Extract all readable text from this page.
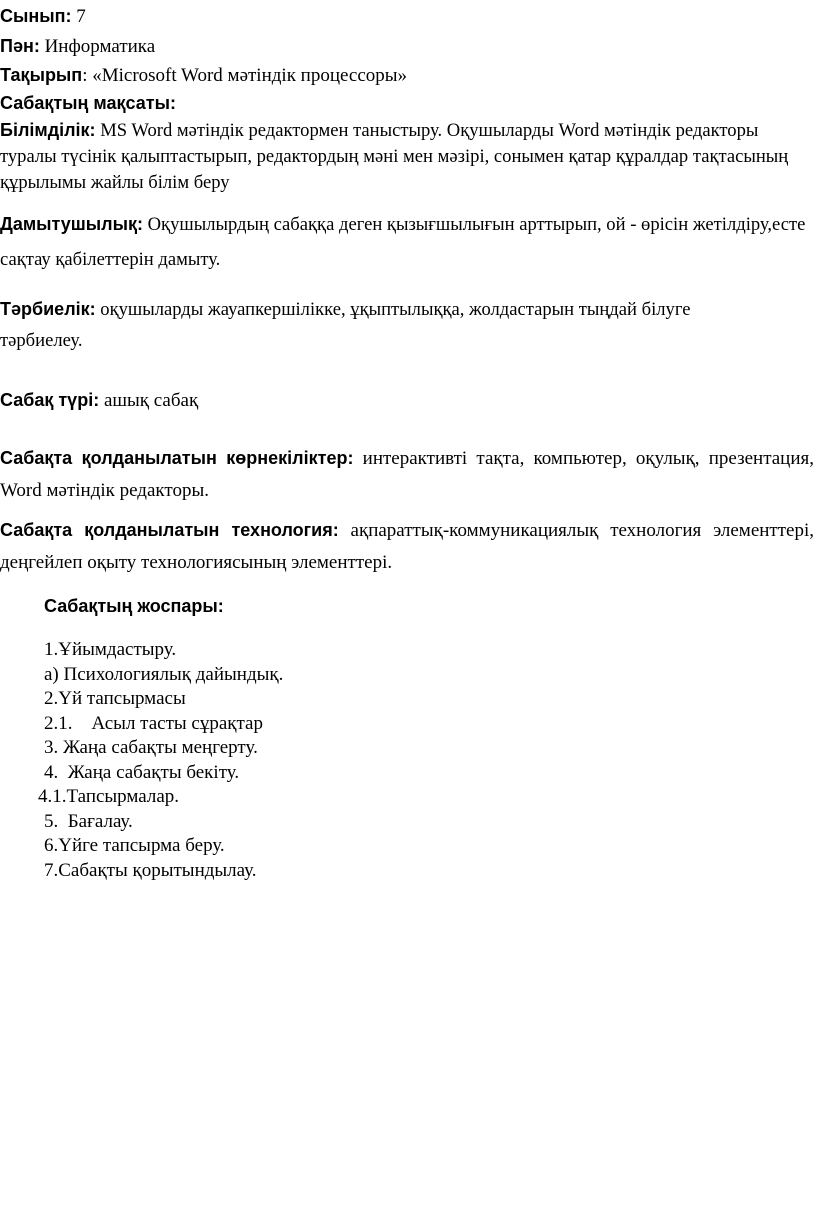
Сынып: 7
Пән: Информатика
Тақырып: «Microsoft Word мәтіндік процессоры»
Сабақтың мақсаты:
Білімділік: MS Word мәтіндік редактормен таныстыру. Оқушыларды Word мәтіндік редакторы туралы түсінік қалыптастырып, редактордың мәні мен мәзірі, сонымен қатар құралдар тақтасының құрылымы жайлы білім беру
Дамытушылық: Оқушылырдың сабаққа деген қызығшылығын арттырып, ой - өрісін жетілдіру,есте сақтау қабілеттерін дамыту.
Тәрбиелік: оқушыларды жауапкершілікке, ұқыптылыққа, жолдастарын тыңдай білуге тәрбиелеу.
Сабақ түрі: ашық сабақ
Сабақта қолданылатын көрнекіліктер: интерактивті тақта, компьютер, оқулық, презентация, Word мәтіндік редакторы.
Сабақта қолданылатын технология: ақпараттық-коммуникациялық технология элементтері, деңгейлеп оқыту технологиясының элементтері.
Сабақтың жоспары:
1.Ұйымдастыру.
а) Психологиялық дайындық.
2.Үй тапсырмасы
2.1.    Асыл тасты сұрақтар
3. Жаңа сабақты меңгерту.
4.  Жаңа сабақты бекіту.
4.1.Тапсырмалар.
5.  Бағалау.
6.Үйге тапсырма беру.
7.Сабақты қорытындылау.
